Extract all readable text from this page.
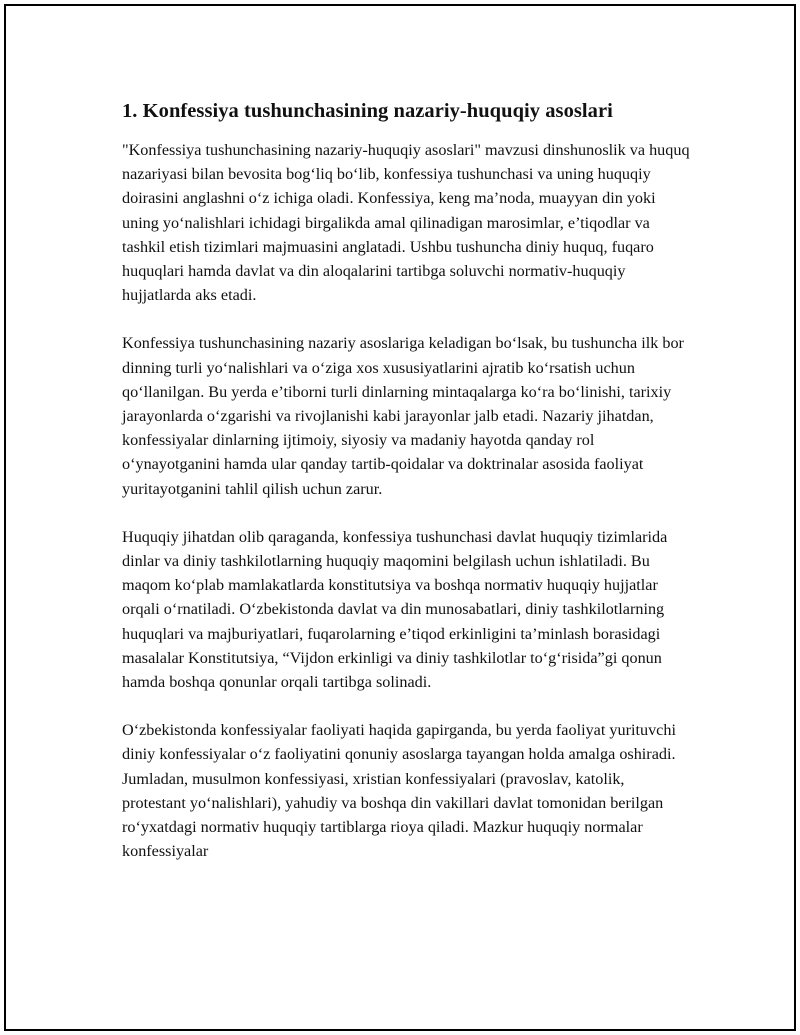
1. Konfessiya tushunchasining nazariy-huquqiy asoslari

"Konfessiya tushunchasining nazariy-huquqiy asoslari" mavzusi dinshunoslik va huquq nazariyasi bilan bevosita bog‘liq bo‘lib, konfessiya tushunchasi va uning huquqiy doirasini anglashni o‘z ichiga oladi. Konfessiya, keng ma’noda, muayyan din yoki uning yo‘nalishlari ichidagi birgalikda amal qilinadigan marosimlar, e’tiqodlar va tashkil etish tizimlari majmuasini anglatadi. Ushbu tushuncha diniy huquq, fuqaro huquqlari hamda davlat va din aloqalarini tartibga soluvchi normativ-huquqiy hujjatlarda aks etadi.

Konfessiya tushunchasining nazariy asoslariga keladigan bo‘lsak, bu tushuncha ilk bor dinning turli yo‘nalishlari va o‘ziga xos xususiyatlarini ajratib ko‘rsatish uchun qo‘llanilgan. Bu yerda e’tiborni turli dinlarning mintaqalarga ko‘ra bo‘linishi, tarixiy jarayonlarda o‘zgarishi va rivojlanishi kabi jarayonlar jalb etadi. Nazariy jihatdan, konfessiyalar dinlarning ijtimoiy, siyosiy va madaniy hayotda qanday rol o‘ynayotganini hamda ular qanday tartib-qoidalar va doktrinalar asosida faoliyat yuritayotganini tahlil qilish uchun zarur.

Huquqiy jihatdan olib qaraganda, konfessiya tushunchasi davlat huquqiy tizimlarida dinlar va diniy tashkilotlarning huquqiy maqomini belgilash uchun ishlatiladi. Bu maqom ko‘plab mamlakatlarda konstitutsiya va boshqa normativ huquqiy hujjatlar orqali o‘rnatiladi. O‘zbekistonda davlat va din munosabatlari, diniy tashkilotlarning huquqlari va majburiyatlari, fuqarolarning e’tiqod erkinligini ta’minlash borasidagi masalalar Konstitutsiya, “Vijdon erkinligi va diniy tashkilotlar to‘g‘risida”gi qonun hamda boshqa qonunlar orqali tartibga solinadi.

O‘zbekistonda konfessiyalar faoliyati haqida gapirganda, bu yerda faoliyat yurituvchi diniy konfessiyalar o‘z faoliyatini qonuniy asoslarga tayangan holda amalga oshiradi. Jumladan, musulmon konfessiyasi, xristian konfessiyalari (pravoslav, katolik, protestant yo‘nalishlari), yahudiy va boshqa din vakillari davlat tomonidan berilgan ro‘yxatdagi normativ huquqiy tartiblarga rioya qiladi. Mazkur huquqiy normalar konfessiyalar
